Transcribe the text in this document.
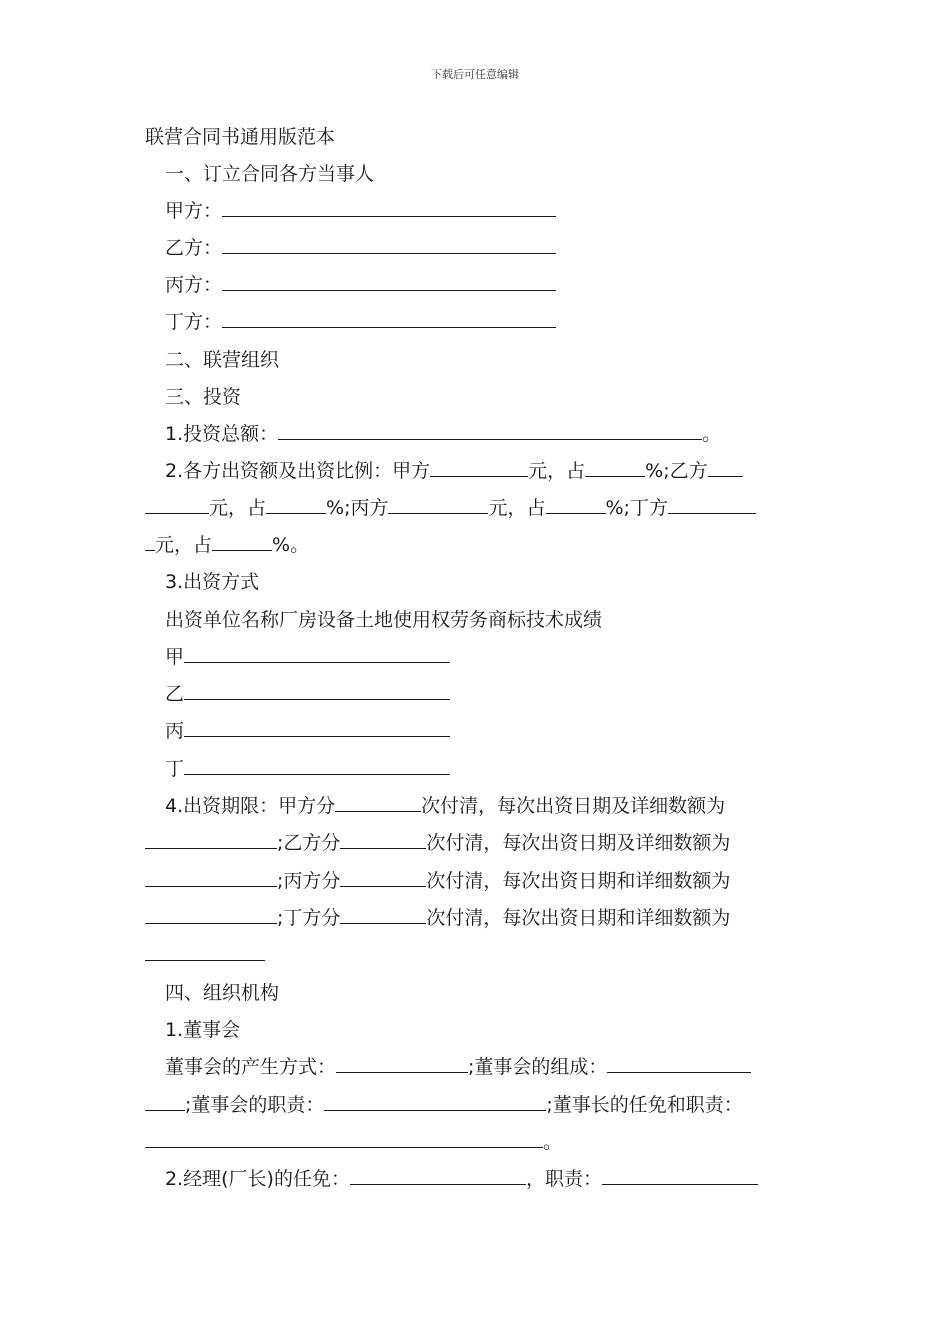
下载后可任意编辑
联营合同书通用版范本
一、订立合同各方当事人
甲方：
乙方：
丙方：
丁方：
二、联营组织
三、投资
1.投资总额：	。
2.各方出资额及出资比例：甲方	元，占	%;乙方
元，占	%;丙方	元，占	%;丁方
元，占	%。
3.出资方式
出资单位名称厂房设备土地使用权劳务商标技术成绩
甲
乙
丙
丁
4.出资期限：甲方分	次付清，每次出资日期及详细数额为
;乙方分	次付清，每次出资日期及详细数额为
;丙方分	次付清，每次出资日期和详细数额为
;丁方分	次付清，每次出资日期和详细数额为
四、组织机构
1.董事会
董事会的产生方式：	;董事会的组成：
;董事会的职责：	;董事长的任免和职责：
。
2.经理(厂长)的任免：	，职责：
